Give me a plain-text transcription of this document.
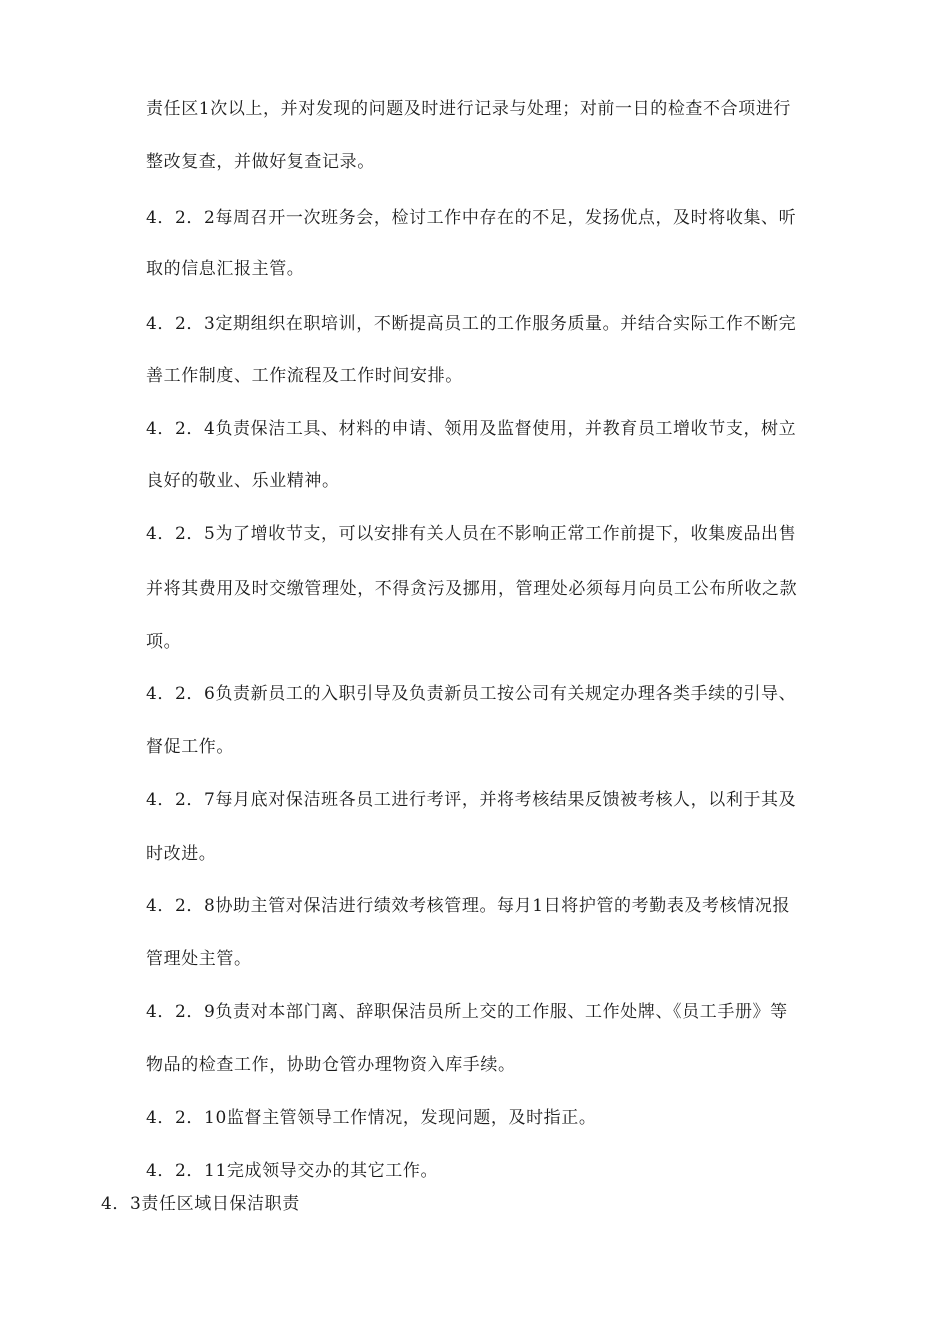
责任区1次以上，并对发现的问题及时进行记录与处理；对前一日的检查不合项进行
整改复查，并做好复查记录。
4．2．2每周召开一次班务会，检讨工作中存在的不足，发扬优点，及时将收集、听
取的信息汇报主管。
4．2．3定期组织在职培训，不断提高员工的工作服务质量。并结合实际工作不断完
善工作制度、工作流程及工作时间安排。
4．2．4负责保洁工具、材料的申请、领用及监督使用，并教育员工增收节支，树立
良好的敬业、乐业精神。
4．2．5为了增收节支，可以安排有关人员在不影响正常工作前提下，收集废品出售
并将其费用及时交缴管理处，不得贪污及挪用，管理处必须每月向员工公布所收之款
项。
4．2．6负责新员工的入职引导及负责新员工按公司有关规定办理各类手续的引导、
督促工作。
4．2．7每月底对保洁班各员工进行考评，并将考核结果反馈被考核人，以利于其及
时改进。
4．2．8协助主管对保洁进行绩效考核管理。每月1日将护管的考勤表及考核情况报
管理处主管。
4．2．9负责对本部门离、辞职保洁员所上交的工作服、工作处牌、《员工手册》等
物品的检查工作，协助仓管办理物资入库手续。
4．2．10监督主管领导工作情况，发现问题，及时指正。
4．2．11完成领导交办的其它工作。
4．3责任区域日保洁职责
